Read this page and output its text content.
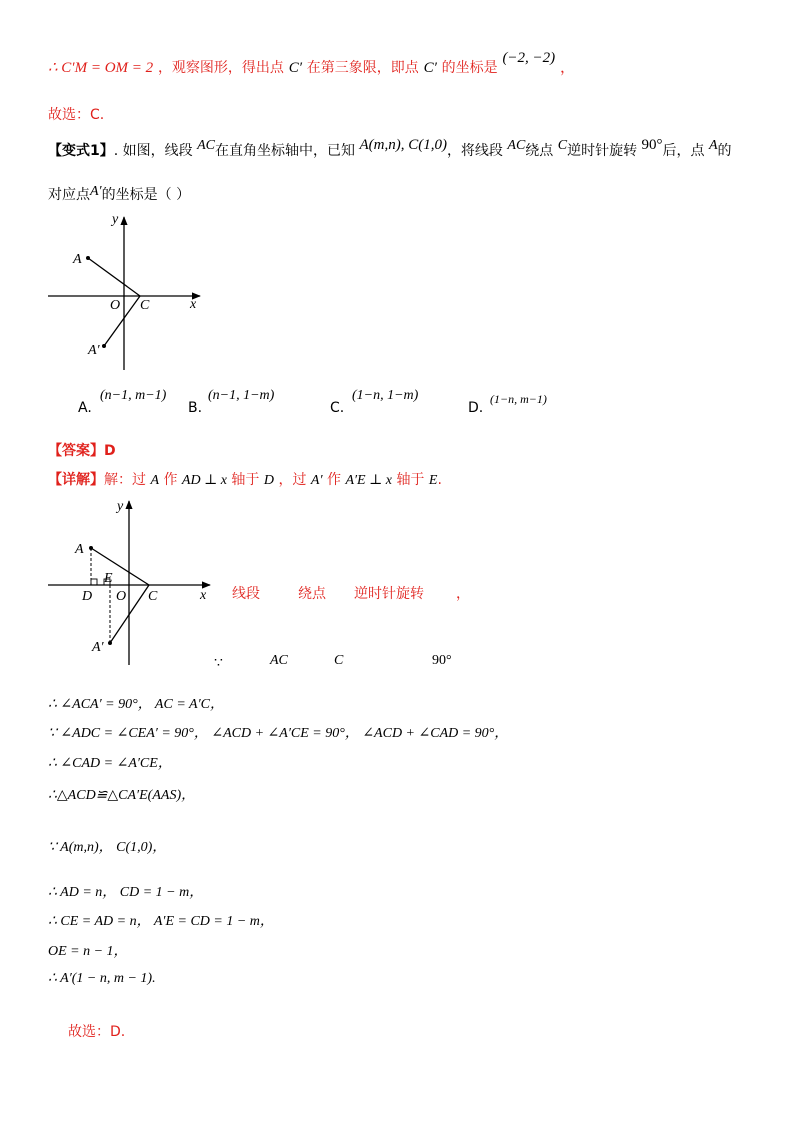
∴ C′M = OM = 2 ，观察图形，得出点 C′ 在第三象限，即点 C′ 的坐标是 (−2, −2) ，
故选：C.
【变式1】. 如图，线段 AC在直角坐标轴中，已知 A(m,n), C(1,0)，将线段 AC绕点 C逆时针旋转 90°后，点 A的
对应点A′的坐标是（ ）
y
x
A
O C
A′
A.
(n−1, m−1)
B.
(n−1, 1−m)
C.
(1−n, 1−m)
D.
(1−n, m−1)
【答案】D
【详解】解：过 A 作 AD ⊥ x 轴于 D ，过 A′ 作 A′E ⊥ x 轴于 E.
y
x
A
D
E
O C
A′
线段	绕点 逆时针旋转 ，
∵	AC	C	90°
∴ ∠ACA′ = 90°， AC = A′C，
∵ ∠ADC = ∠CEA′ = 90°， ∠ACD + ∠A′CE = 90°， ∠ACD + ∠CAD = 90°，
∴ ∠CAD = ∠A′CE，
∴△ACD≌△CA′E(AAS)，
∵ A(m,n)， C(1,0)，
∴ AD = n， CD = 1 − m，
∴ CE = AD = n， A′E = CD = 1 − m，
OE = n − 1，
∴ A′(1 − n, m − 1).
故选：D.
